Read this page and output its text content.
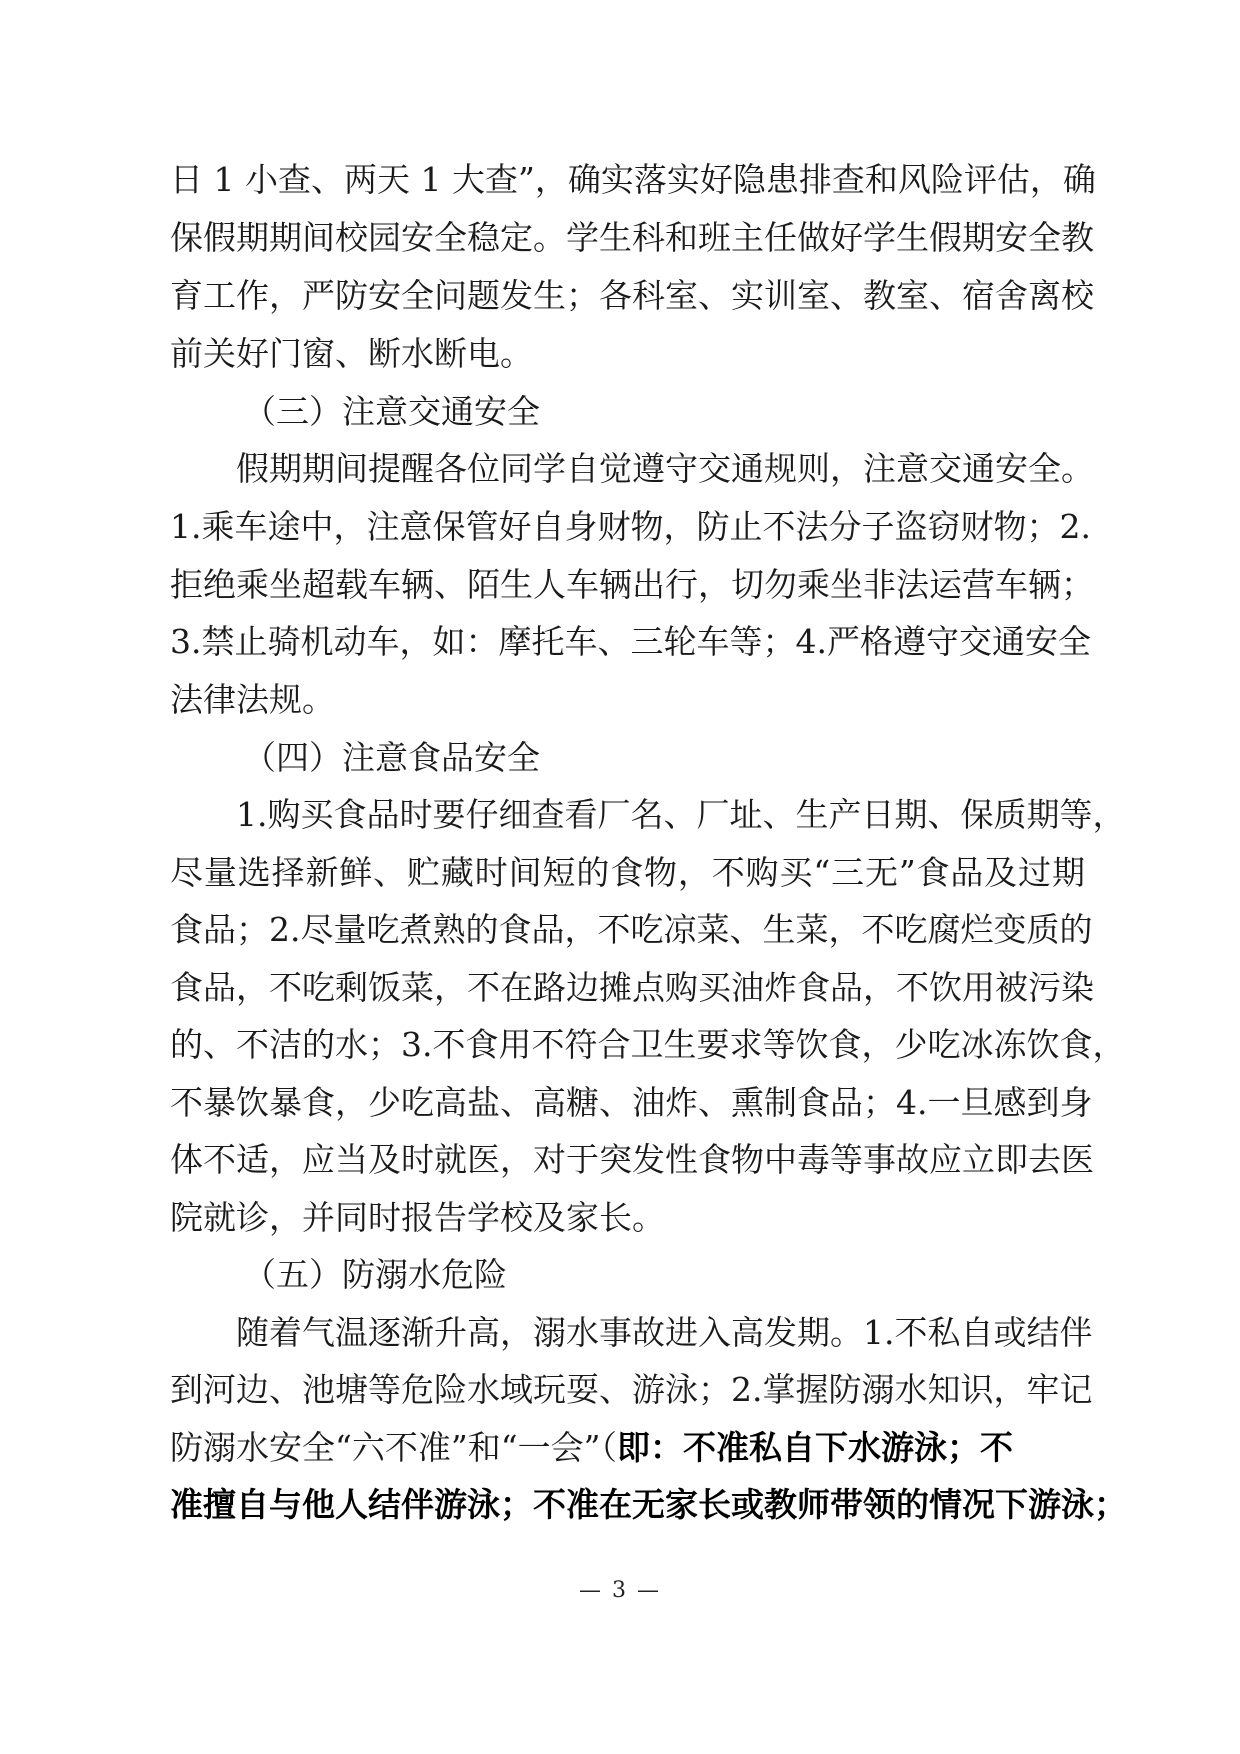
日 1 小查、两天 1 大查”，确实落实好隐患排查和风险评估，确
保假期期间校园安全稳定。学生科和班主任做好学生假期安全教
育工作，严防安全问题发生；各科室、实训室、教室、宿舍离校
前关好门窗、断水断电。
（三）注意交通安全
假期期间提醒各位同学自觉遵守交通规则，注意交通安全。
1.乘车途中，注意保管好自身财物，防止不法分子盗窃财物；2.
拒绝乘坐超载车辆、陌生人车辆出行，切勿乘坐非法运营车辆；
3.禁止骑机动车，如：摩托车、三轮车等；4.严格遵守交通安全
法律法规。
（四）注意食品安全
1.购买食品时要仔细查看厂名、厂址、生产日期、保质期等，
尽量选择新鲜、贮藏时间短的食物，不购买“三无”食品及过期
食品；2.尽量吃煮熟的食品，不吃凉菜、生菜，不吃腐烂变质的
食品，不吃剩饭菜，不在路边摊点购买油炸食品，不饮用被污染
的、不洁的水；3.不食用不符合卫生要求等饮食，少吃冰冻饮食，
不暴饮暴食，少吃高盐、高糖、油炸、熏制食品；4.一旦感到身
体不适，应当及时就医，对于突发性食物中毒等事故应立即去医
院就诊，并同时报告学校及家长。
（五）防溺水危险
随着气温逐渐升高，溺水事故进入高发期。1.不私自或结伴
到河边、池塘等危险水域玩耍、游泳；2.掌握防溺水知识，牢记
防溺水安全“六不准”和“一会”（即：不准私自下水游泳；不
准擅自与他人结伴游泳；不准在无家长或教师带领的情况下游泳；
— 3 —
